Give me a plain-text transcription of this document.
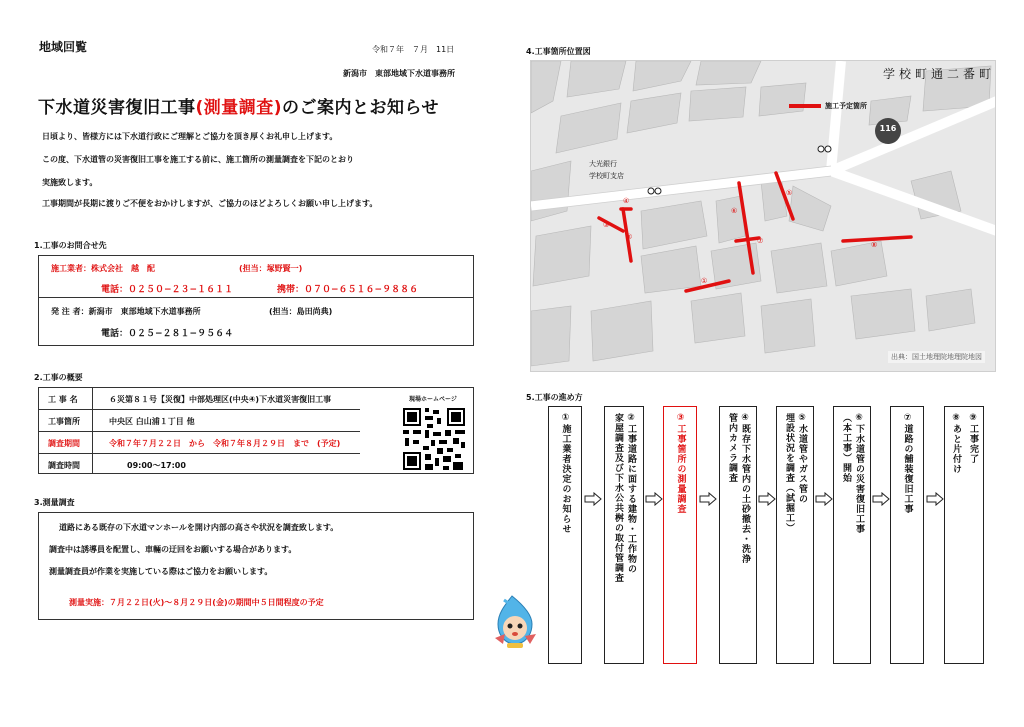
地域回覧	令和７年　７月　11日
新潟市　東部地域下水道事務所
下水道災害復旧工事(測量調査)のご案内とお知らせ
日頃より、皆様方には下水道行政にご理解とご協力を頂き厚くお礼申し上げます。
この度、下水道管の災害復旧工事を施工する前に、施工箇所の測量調査を下記のとおり
実施致します。
工事期間が長期に渡りご不便をおかけしますが、ご協力のほどよろしくお願い申し上げます。
1.工事のお問合せ先
施工業者：株式会社　越　配	(担当：塚野賢一)
電話：０２５０−２３−１６１１	携帯：０７０−６５１６−９８８６
発 注 者：新潟市　東部地域下水道事務所	(担当：島田尚典)
電話：０２５−２８１−９５６４
2.工事の概要
工 事 名	６災第８１号【災復】中部処理区(中央④)下水道災害復旧工事
工事箇所	中央区 白山浦１丁目 他
調査期間	令和７年７月２２日　から　令和７年８月２９日　まで　(予定)
調査時間	09:00〜17:00
現場ホームページ
3.測量調査
道路にある既存の下水道マンホールを開け内部の高さや状況を調査致します。
調査中は誘導員を配置し、車輛の迂回をお願いする場合があります。
測量調査員が作業を実施している際はご協力をお願いします。
測量実施：７月２２日(火)〜８月２９日(金)の期間中５日間程度の予定
4.工事箇所位置図
学校町通二番町
116
施工予定箇所
大光銀行
学校町支店
①
②
③
④
⑤
⑥
⑦	⑧
出典：国土地理院地理院地図
5.工事の進め方
①施工業者決定のお知らせ	②工事道路に面する建物・工作物の
家屋調査及び下水公共桝の取付管調査	③工事箇所の測量調査	④既存下水管内の土砂撤去・洗浄
管内カメラ調査	⑤水道管やガス管の
埋設状況を調査（試掘工）	⑥下水道管の災害復旧工事
（本工事）開始	⑦道路の舗装復旧工事	⑨工事完了
⑧あと片付け
